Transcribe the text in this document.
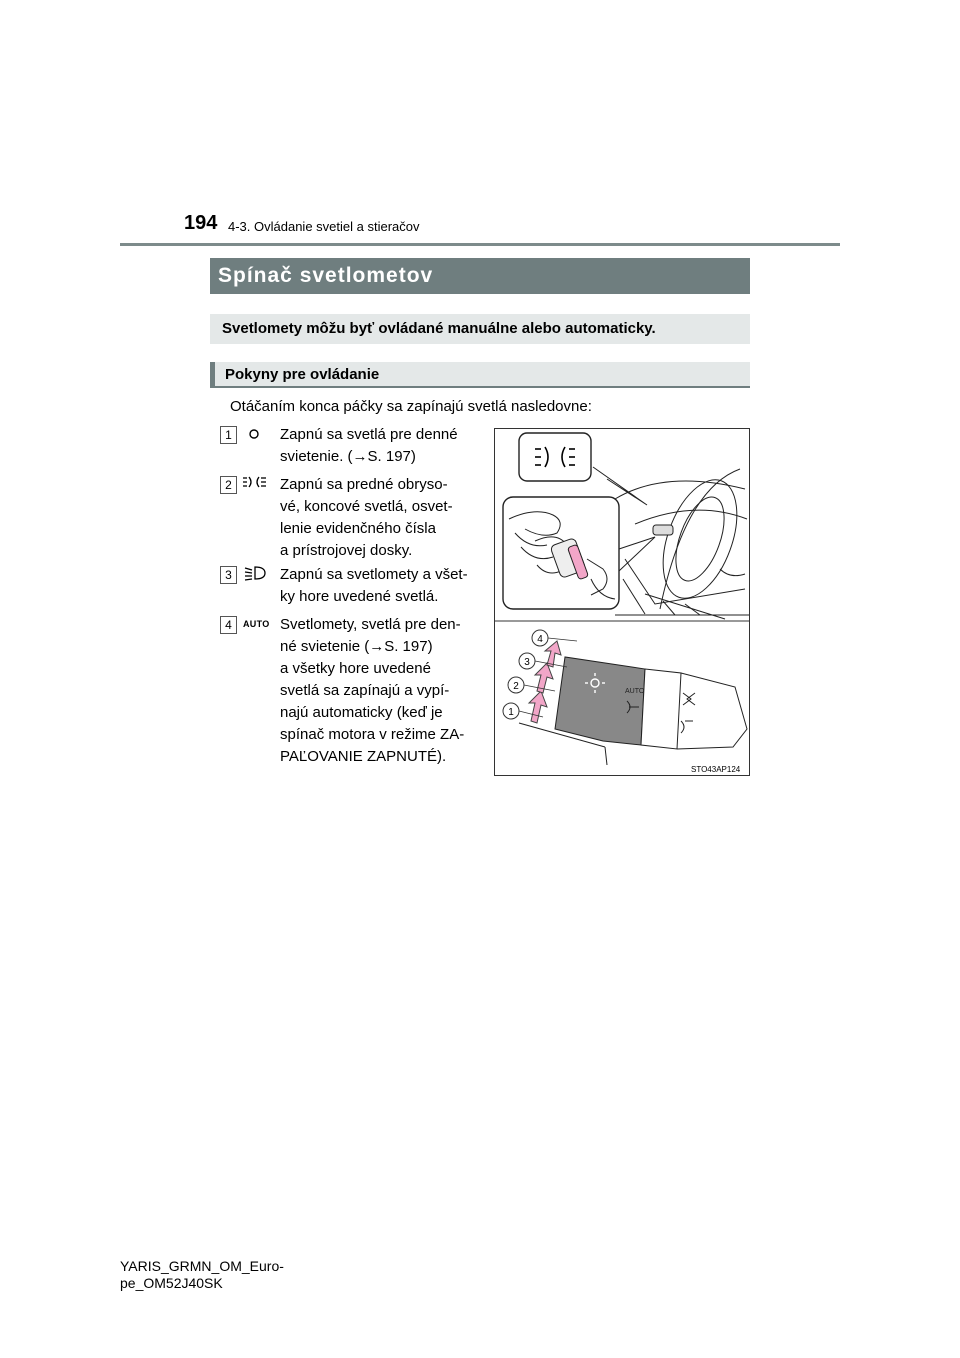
194 4-3. Ovládanie svetiel a stieračov
Spínač svetlometov
Svetlomety môžu byť ovládané manuálne alebo automaticky.
Pokyny pre ovládanie
Otáčaním konca páčky sa zapínajú svetlá nasledovne:
1	Zapnú sa svetlá pre denné
svietenie. (→S. 197)
2	Zapnú sa predné obryso-
vé, koncové svetlá, osvet-
lenie evidenčného čísla
a prístrojovej dosky.
3	Zapnú sa svetlomety a všet-
ky hore uvedené svetlá.
4	AUTO Svetlomety, svetlá pre den-
né svietenie (→S. 197)
a všetky hore uvedené
svetlá sa zapínajú a vypí-
najú automaticky (keď je
spínač motora v režime ZA-
PAĽOVANIE ZAPNUTÉ).
AUTO
4
3
2
1
STO43AP124
YARIS_GRMN_OM_Euro-
pe_OM52J40SK
